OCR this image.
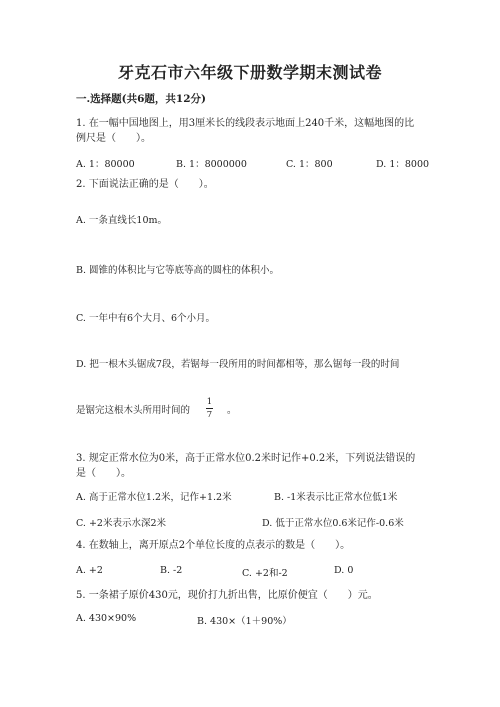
牙克石市六年级下册数学期末测试卷
一.选择题(共6题，共12分)
1. 在一幅中国地图上，用3厘米长的线段表示地面上240千米，这幅地图的比
例尺是（　　）。
A. 1：80000	B. 1：8000000	C. 1：800	D. 1：8000
2. 下面说法正确的是（　　）。
A. 一条直线长10m。
B. 圆锥的体积比与它等底等高的圆柱的体积小。
C. 一年中有6个大月、6个小月。
D. 把一根木头锯成7段，若锯每一段所用的时间都相等，那么锯每一段的时间
是锯完这根木头所用时间的 $\frac{1}{7}$ 。
3. 规定正常水位为0米，高于正常水位0.2米时记作+0.2米，下列说法错误的
是（　　）。
A. 高于正常水位1.2米，记作+1.2米	B. -1米表示比正常水位低1米
C. +2米表示水深2米	D. 低于正常水位0.6米记作-0.6米
4. 在数轴上，离开原点2个单位长度的点表示的数是（　　）。
A. +2	B. -2	C. +2和-2	D. 0
5. 一条裙子原价430元，现价打九折出售，比原价便宜（　　）元。
A. 430×90%	B. 430×（1＋90%）
